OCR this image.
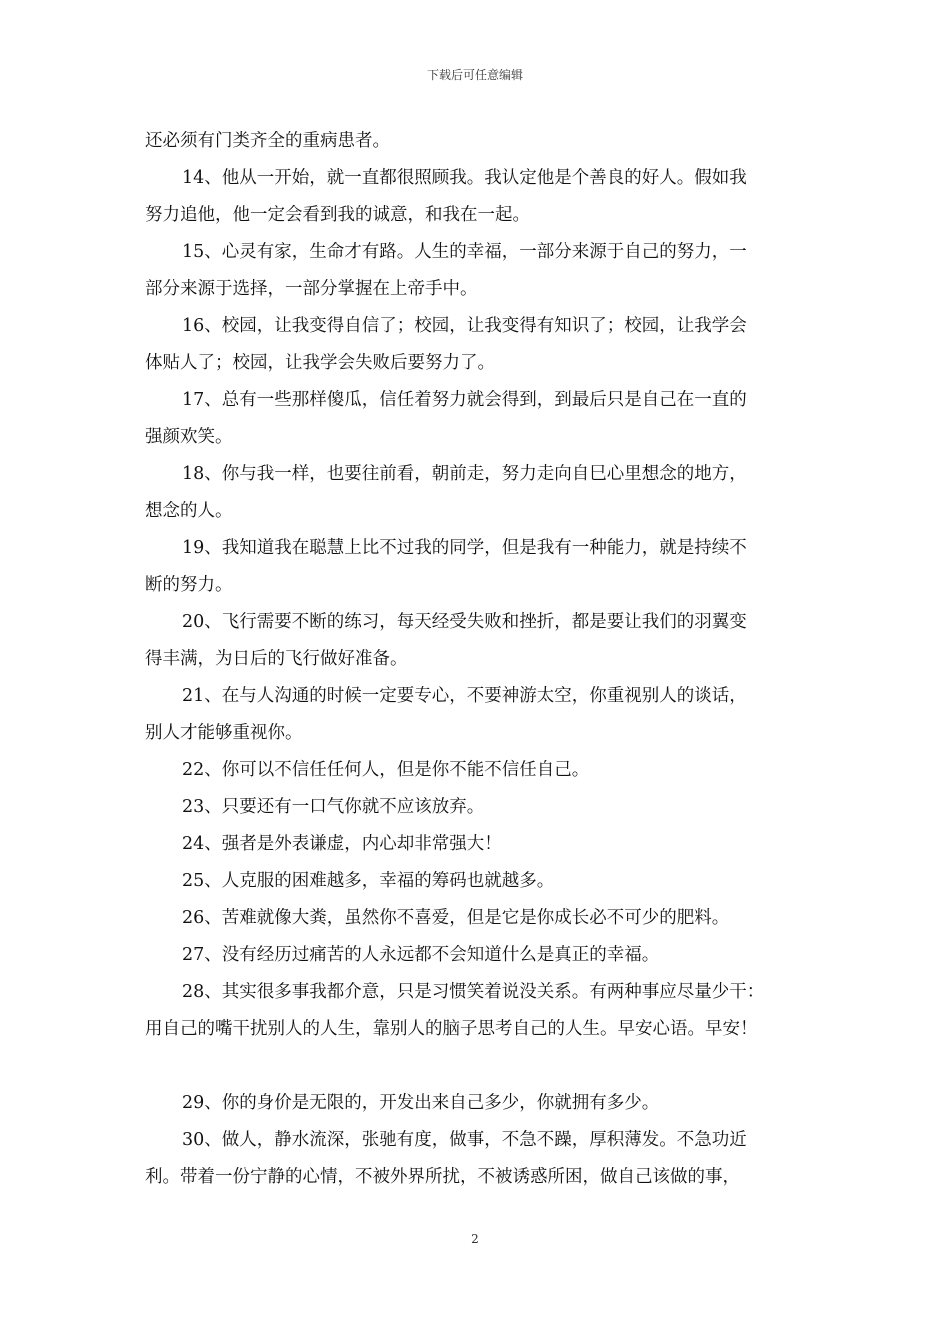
下载后可任意编辑
还必须有门类齐全的重病患者。
14、他从一开始，就一直都很照顾我。我认定他是个善良的好人。假如我
努力追他，他一定会看到我的诚意，和我在一起。
15、心灵有家，生命才有路。人生的幸福，一部分来源于自己的努力，一
部分来源于选择，一部分掌握在上帝手中。
16、校园，让我变得自信了；校园，让我变得有知识了；校园，让我学会
体贴人了；校园，让我学会失败后要努力了。
17、总有一些那样傻瓜，信任着努力就会得到，到最后只是自己在一直的
强颜欢笑。
18、你与我一样，也要往前看，朝前走，努力走向自巳心里想念的地方，
想念的人。
19、我知道我在聪慧上比不过我的同学，但是我有一种能力，就是持续不
断的努力。
20、飞行需要不断的练习，每天经受失败和挫折，都是要让我们的羽翼变
得丰满，为日后的飞行做好准备。
21、在与人沟通的时候一定要专心，不要神游太空，你重视别人的谈话，
别人才能够重视你。
22、你可以不信任任何人，但是你不能不信任自己。
23、只要还有一口气你就不应该放弃。
24、强者是外表谦虚，内心却非常强大！
25、人克服的困难越多，幸福的筹码也就越多。
26、苦难就像大粪，虽然你不喜爱，但是它是你成长必不可少的肥料。
27、没有经历过痛苦的人永远都不会知道什么是真正的幸福。
28、其实很多事我都介意，只是习惯笑着说没关系。有两种事应尽量少干：
用自己的嘴干扰别人的人生，靠别人的脑子思考自己的人生。早安心语。早安！
29、你的身价是无限的，开发出来自己多少，你就拥有多少。
30、做人，静水流深，张驰有度，做事，不急不躁，厚积薄发。不急功近
利。带着一份宁静的心情，不被外界所扰，不被诱惑所困，做自己该做的事，
2
